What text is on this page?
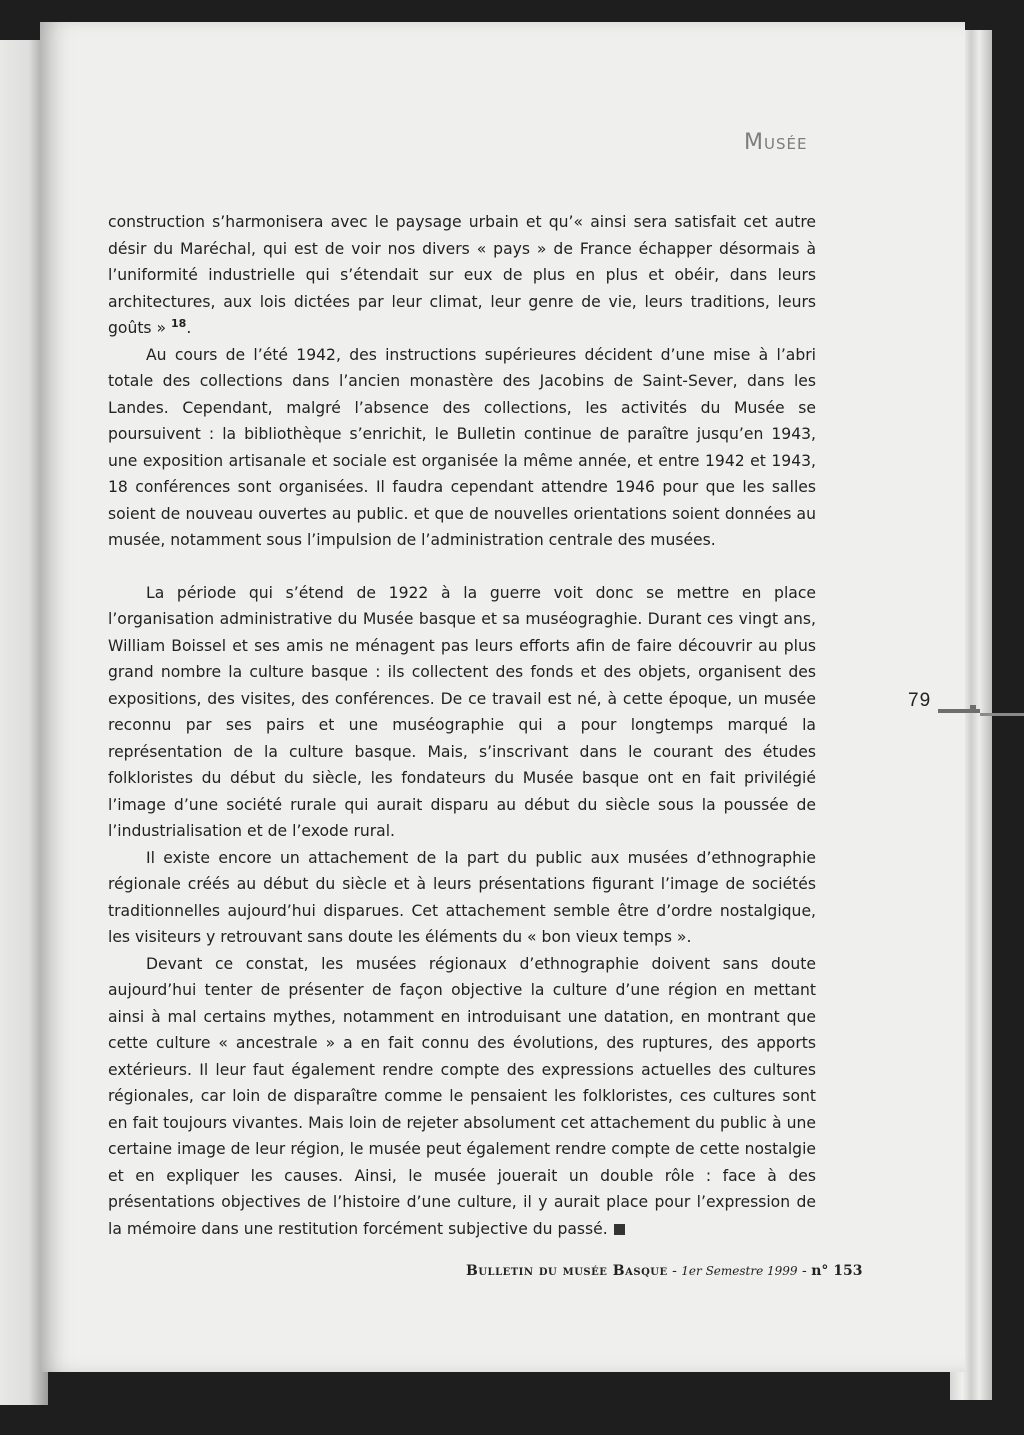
Musée

construction s’harmonisera avec le paysage urbain et qu’« ainsi sera satisfait cet autre désir du Maréchal, qui est de voir nos divers « pays » de France échapper désormais à l’uniformité industrielle qui s’étendait sur eux de plus en plus et obéir, dans leurs architectures, aux lois dictées par leur climat, leur genre de vie, leurs traditions, leurs goûts » $^{18}$.

Au cours de l’été 1942, des instructions supérieures décident d’une mise à l’abri totale des collections dans l’ancien monastère des Jacobins de Saint-Sever, dans les Landes. Cependant, malgré l’absence des collections, les activités du Musée se poursuivent : la bibliothèque s’enrichit, le Bulletin continue de paraître jusqu’en 1943, une exposition artisanale et sociale est organisée la même année, et entre 1942 et 1943, 18 conférences sont organisées. Il faudra cependant attendre 1946 pour que les salles soient de nouveau ouvertes au public. et que de nouvelles orientations soient données au musée, notamment sous l’impulsion de l’administration centrale des musées.

La période qui s’étend de 1922 à la guerre voit donc se mettre en place l’organisation administrative du Musée basque et sa muséograghie. Durant ces vingt ans, William Boissel et ses amis ne ménagent pas leurs efforts afin de faire découvrir au plus grand nombre la culture basque : ils collectent des fonds et des objets, organisent des expositions, des visites, des conférences. De ce travail est né, à cette époque, un musée reconnu par ses pairs et une muséographie qui a pour longtemps marqué la représentation de la culture basque. Mais, s’inscrivant dans le courant des études folkloristes du début du siècle, les fondateurs du Musée basque ont en fait privilégié l’image d’une société rurale qui aurait disparu au début du siècle sous la poussée de l’industrialisation et de l’exode rural.

Il existe encore un attachement de la part du public aux musées d’ethnographie régionale créés au début du siècle et à leurs présentations figurant l’image de sociétés traditionnelles aujourd’hui disparues. Cet attachement semble être d’ordre nostalgique, les visiteurs y retrouvant sans doute les éléments du « bon vieux temps ».

Devant ce constat, les musées régionaux d’ethnographie doivent sans doute aujourd’hui tenter de présenter de façon objective la culture d’une région en mettant ainsi à mal certains mythes, notamment en introduisant une datation, en montrant que cette culture « ancestrale » a en fait connu des évolutions, des ruptures, des apports extérieurs. Il leur faut également rendre compte des expressions actuelles des cultures régionales, car loin de disparaître comme le pensaient les folkloristes, ces cultures sont en fait toujours vivantes. Mais loin de rejeter absolument cet attachement du public à une certaine image de leur région, le musée peut également rendre compte de cette nostalgie et en expliquer les causes. Ainsi, le musée jouerait un double rôle : face à des présentations objectives de l’histoire d’une culture, il y aurait place pour l’expression de la mémoire dans une restitution forcément subjective du passé.

79
Bulletin du musée Basque - 1er Semestre 1999 - n° 153
